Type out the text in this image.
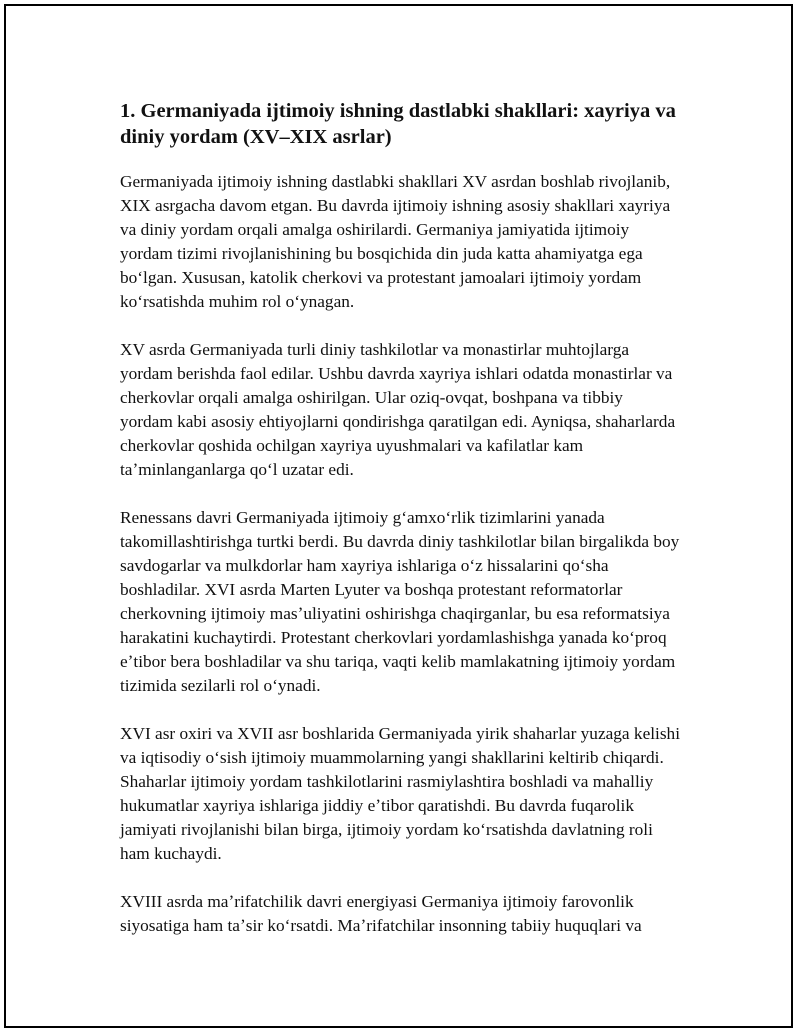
1. Germaniyada ijtimoiy ishning dastlabki shakllari: xayriya va diniy yordam (XV–XIX asrlar)

Germaniyada ijtimoiy ishning dastlabki shakllari XV asrdan boshlab rivojlanib, XIX asrgacha davom etgan. Bu davrda ijtimoiy ishning asosiy shakllari xayriya va diniy yordam orqali amalga oshirilardi. Germaniya jamiyatida ijtimoiy yordam tizimi rivojlanishining bu bosqichida din juda katta ahamiyatga ega boʻlgan. Xususan, katolik cherkovi va protestant jamoalari ijtimoiy yordam koʻrsatishda muhim rol oʻynagan.

XV asrda Germaniyada turli diniy tashkilotlar va monastirlar muhtojlarga yordam berishda faol edilar. Ushbu davrda xayriya ishlari odatda monastirlar va cherkovlar orqali amalga oshirilgan. Ular oziq-ovqat, boshpana va tibbiy yordam kabi asosiy ehtiyojlarni qondirishga qaratilgan edi. Ayniqsa, shaharlarda cherkovlar qoshida ochilgan xayriya uyushmalari va kafilatlar kam taʼminlanganlarga qoʻl uzatar edi.

Renessans davri Germaniyada ijtimoiy gʻamxoʻrlik tizimlarini yanada takomillashtirishga turtki berdi. Bu davrda diniy tashkilotlar bilan birgalikda boy savdogarlar va mulkdorlar ham xayriya ishlariga oʻz hissalarini qoʻsha boshladilar. XVI asrda Marten Lyuter va boshqa protestant reformatorlar cherkovning ijtimoiy masʼuliyatini oshirishga chaqirganlar, bu esa reformatsiya harakatini kuchaytirdi. Protestant cherkovlari yordamlashishga yanada koʻproq eʼtibor bera boshladilar va shu tariqa, vaqti kelib mamlakatning ijtimoiy yordam tizimida sezilarli rol oʻynadi.

XVI asr oxiri va XVII asr boshlarida Germaniyada yirik shaharlar yuzaga kelishi va iqtisodiy oʻsish ijtimoiy muammolarning yangi shakllarini keltirib chiqardi. Shaharlar ijtimoiy yordam tashkilotlarini rasmiylashtira boshladi va mahalliy hukumatlar xayriya ishlariga jiddiy eʼtibor qaratishdi. Bu davrda fuqarolik jamiyati rivojlanishi bilan birga, ijtimoiy yordam koʻrsatishda davlatning roli ham kuchaydi.

XVIII asrda maʼrifatchilik davri energiyasi Germaniya ijtimoiy farovonlik siyosatiga ham taʼsir koʻrsatdi. Maʼrifatchilar insonning tabiiy huquqlari va
